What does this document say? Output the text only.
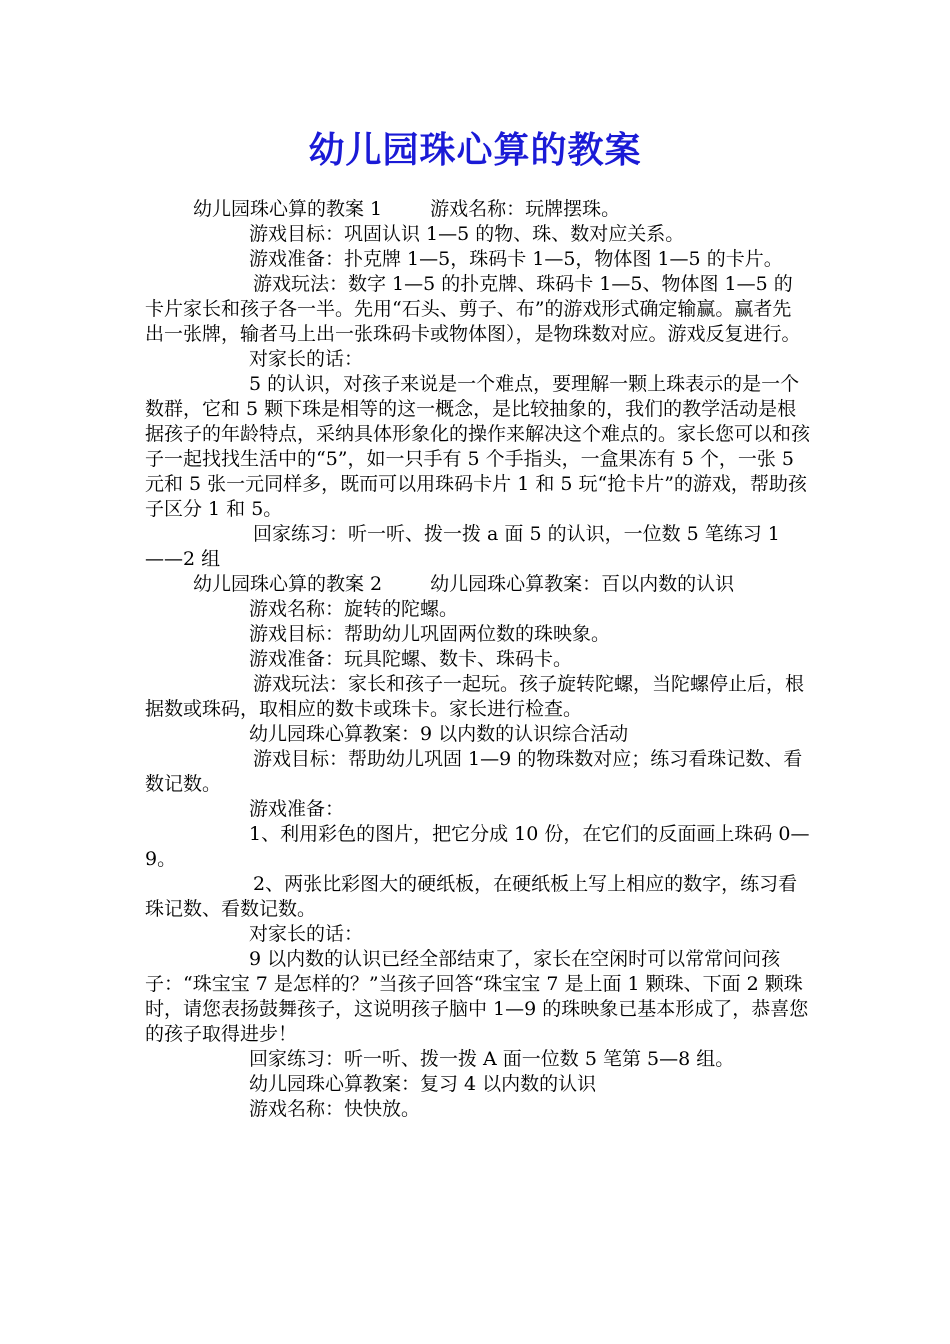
幼儿园珠心算的教案

幼儿园珠心算的教案 1	游戏名称：玩牌摆珠。

游戏目标：巩固认识 1—5 的物、珠、数对应关系。

游戏准备：扑克牌 1—5，珠码卡 1—5，物体图 1—5 的卡片。

游戏玩法：数字 1—5 的扑克牌、珠码卡 1—5、物体图 1—5 的卡片家长和孩子各一半。先用“石头、剪子、布”的游戏形式确定输赢。赢者先出一张牌，输者马上出一张珠码卡或物体图），是物珠数对应。游戏反复进行。

对家长的话：

5 的认识，对孩子来说是一个难点，要理解一颗上珠表示的是一个数群，它和 5 颗下珠是相等的这一概念，是比较抽象的，我们的教学活动是根据孩子的年龄特点，采纳具体形象化的操作来解决这个难点的。家长您可以和孩子一起找找生活中的“5”，如一只手有 5 个手指头，一盒果冻有 5 个，一张 5 元和 5 张一元同样多，既而可以用珠码卡片 1 和 5 玩“抢卡片”的游戏，帮助孩子区分 1 和 5。

回家练习：听一听、拨一拨 a 面 5 的认识，一位数 5 笔练习 1——2 组

幼儿园珠心算的教案 2	幼儿园珠心算教案：百以内数的认识

游戏名称：旋转的陀螺。

游戏目标：帮助幼儿巩固两位数的珠映象。

游戏准备：玩具陀螺、数卡、珠码卡。

游戏玩法：家长和孩子一起玩。孩子旋转陀螺，当陀螺停止后，根据数或珠码，取相应的数卡或珠卡。家长进行检查。

幼儿园珠心算教案：9 以内数的认识综合活动

游戏目标：帮助幼儿巩固 1—9 的物珠数对应；练习看珠记数、看数记数。

游戏准备：

1、利用彩色的图片，把它分成 10 份，在它们的反面画上珠码 0—9。

2、两张比彩图大的硬纸板，在硬纸板上写上相应的数字，练习看珠记数、看数记数。

对家长的话：

9 以内数的认识已经全部结束了，家长在空闲时可以常常问问孩子：“珠宝宝 7 是怎样的？”当孩子回答“珠宝宝 7 是上面 1 颗珠、下面 2 颗珠时，请您表扬鼓舞孩子，这说明孩子脑中 1—9 的珠映象已基本形成了，恭喜您的孩子取得进步！

回家练习：听一听、拨一拨 A 面一位数 5 笔第 5—8 组。

幼儿园珠心算教案：复习 4 以内数的认识

游戏名称：快快放。
